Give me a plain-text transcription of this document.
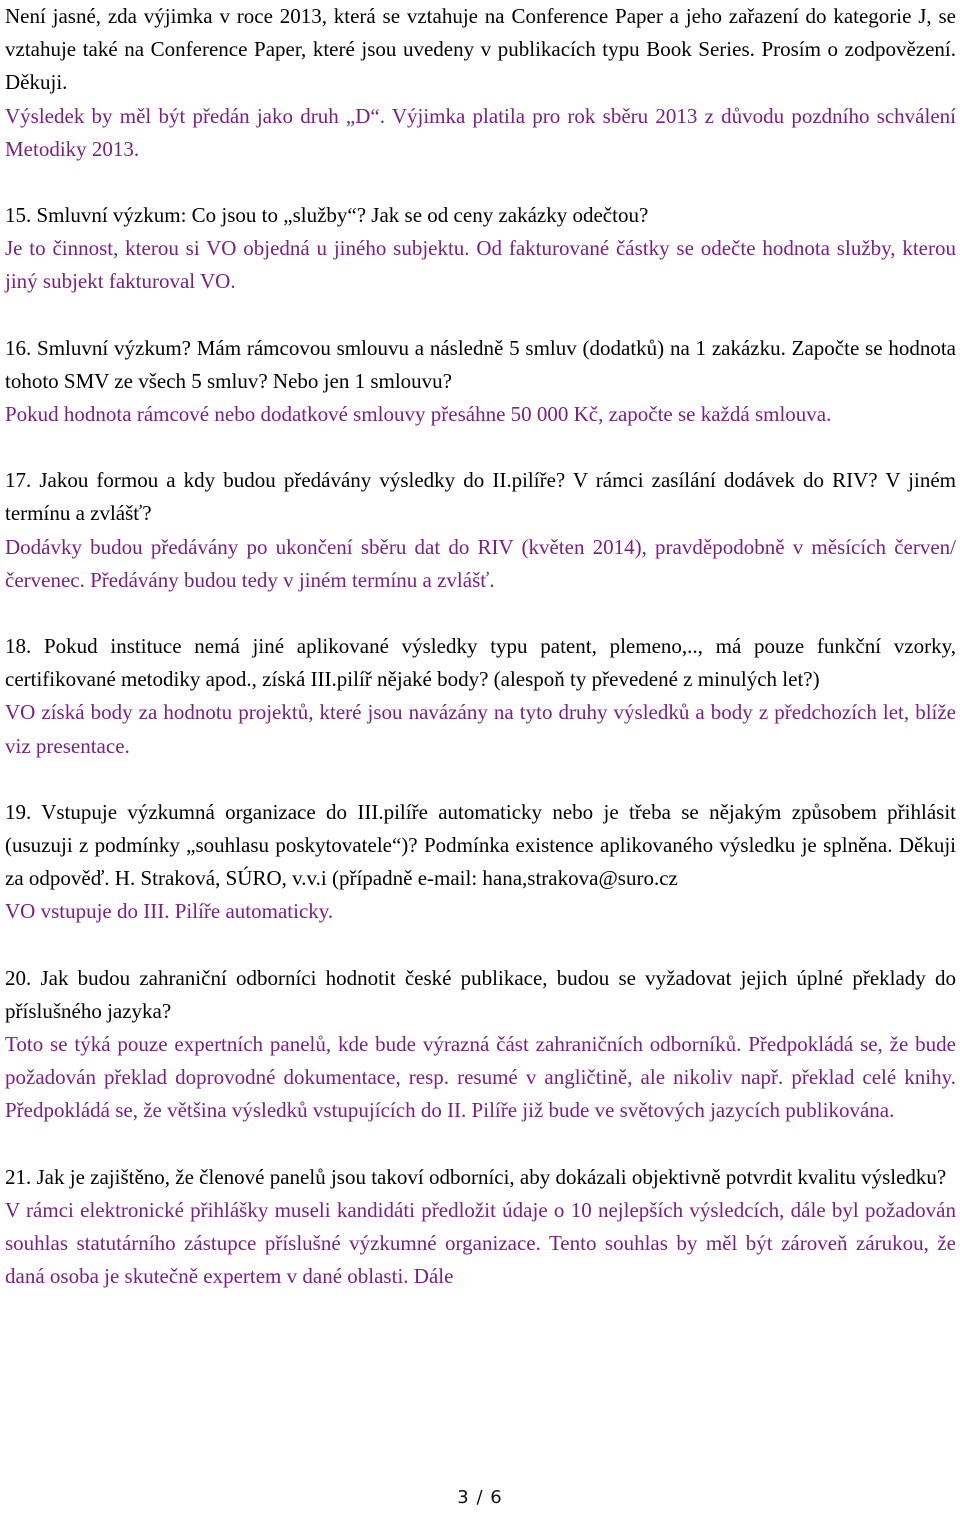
Není jasné, zda výjimka v roce 2013, která se vztahuje na Conference Paper a jeho zařazení do kategorie J, se vztahuje také na Conference Paper, které jsou uvedeny v publikacích typu Book Series. Prosím o zodpovězení. Děkuji.

Výsledek by měl být předán jako druh „D“. Výjimka platila pro rok sběru 2013 z důvodu pozdního schválení Metodiky 2013.

15. Smluvní výzkum: Co jsou to „služby“? Jak se od ceny zakázky odečtou?

Je to činnost, kterou si VO objedná u jiného subjektu. Od fakturované částky se odečte hodnota služby, kterou jiný subjekt fakturoval VO.

16. Smluvní výzkum? Mám rámcovou smlouvu a následně 5 smluv (dodatků) na 1 zakázku. Započte se hodnota tohoto SMV ze všech 5 smluv? Nebo jen 1 smlouvu?

Pokud hodnota rámcové nebo dodatkové smlouvy přesáhne 50 000 Kč, započte se každá smlouva.

17. Jakou formou a kdy budou předávány výsledky do II.pilíře? V rámci zasílání dodávek do RIV? V jiném termínu a zvlášť?

Dodávky budou předávány po ukončení sběru dat do RIV (květen 2014), pravděpodobně v měsících červen/červenec. Předávány budou tedy v jiném termínu a zvlášť.

18. Pokud instituce nemá jiné aplikované výsledky typu patent, plemeno,.., má pouze funkční vzorky, certifikované metodiky apod., získá III.pilíř nějaké body? (alespoň ty převedené z minulých let?)

VO získá body za hodnotu projektů, které jsou navázány na tyto druhy výsledků a body z předchozích let, blíže viz presentace.

19. Vstupuje výzkumná organizace do III.pilíře automaticky nebo je třeba se nějakým způsobem přihlásit (usuzuji z podmínky „souhlasu poskytovatele“)? Podmínka existence aplikovaného výsledku je splněna. Děkuji za odpověď. H. Straková, SÚRO, v.v.i (případně e-mail: hana,strakova@suro.cz

VO vstupuje do III. Pilíře automaticky.

20. Jak budou zahraniční odborníci hodnotit české publikace, budou se vyžadovat jejich úplné překlady do příslušného jazyka?

Toto se týká pouze expertních panelů, kde bude výrazná část zahraničních odborníků. Předpokládá se, že bude požadován překlad doprovodné dokumentace, resp. resumé v angličtině, ale nikoliv např. překlad celé knihy. Předpokládá se, že většina výsledků vstupujících do II. Pilíře již bude ve světových jazycích publikována.

21. Jak je zajištěno, že členové panelů jsou takoví odborníci, aby dokázali objektivně potvrdit kvalitu výsledku?

V rámci elektronické přihlášky museli kandidáti předložit údaje o 10 nejlepších výsledcích, dále byl požadován souhlas statutárního zástupce příslušné výzkumné organizace. Tento souhlas by měl být zároveň zárukou, že daná osoba je skutečně expertem v dané oblasti. Dále

3 / 6
